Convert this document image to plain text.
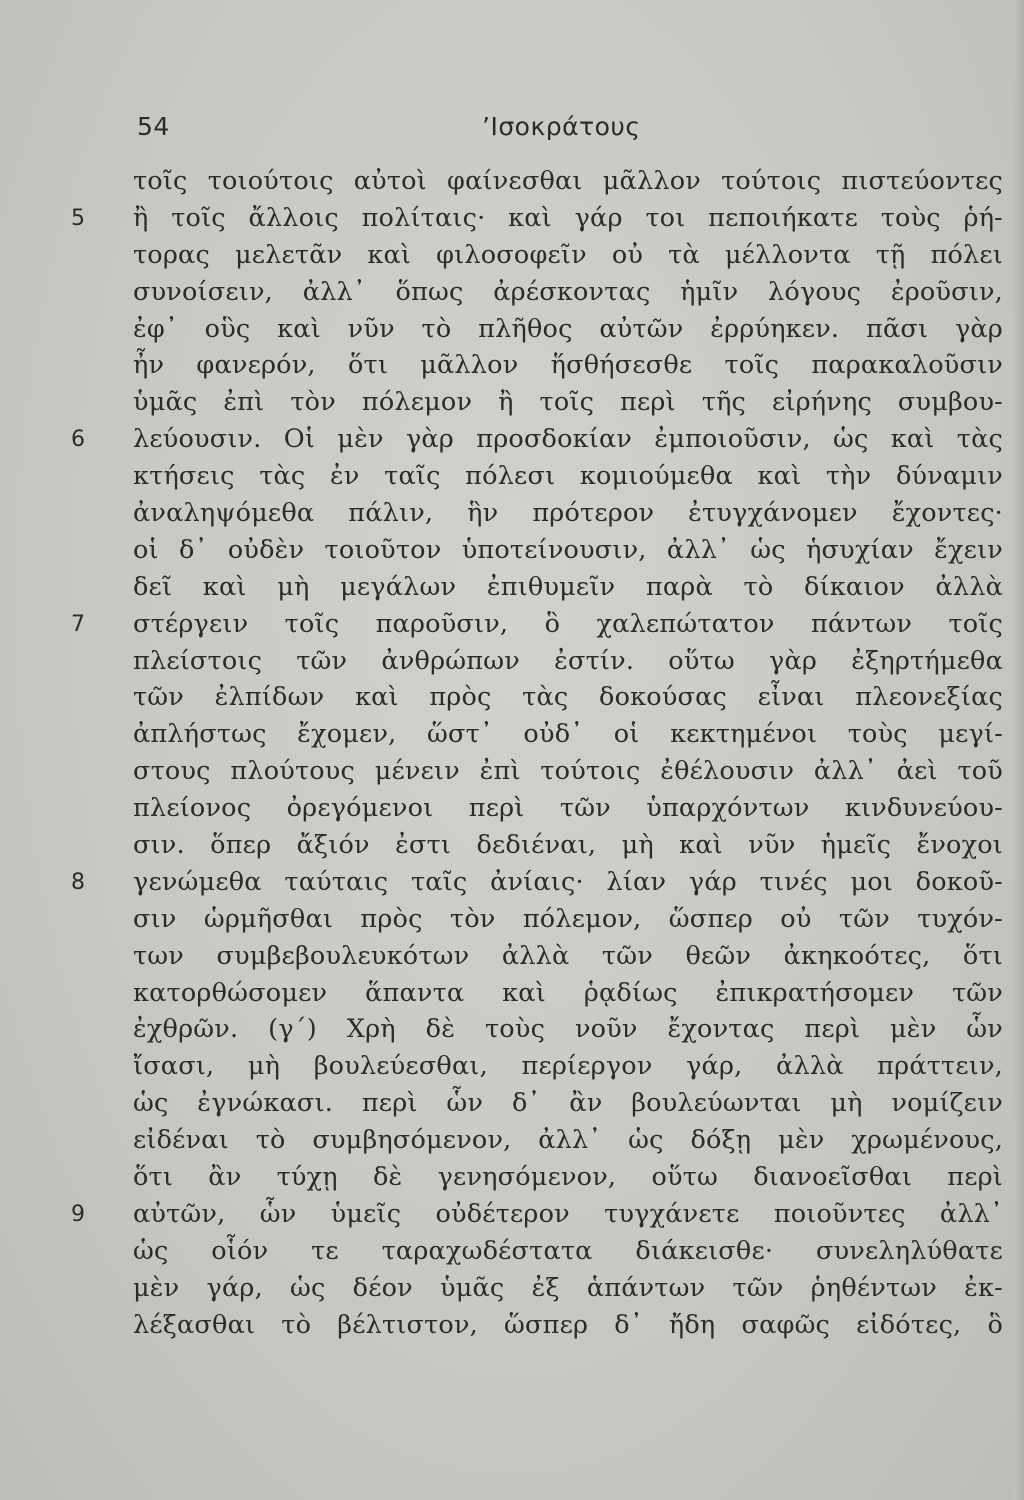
54	’Ισοκράτους
τοῖς τοιούτοις αὐτοὶ φαίνεσθαι μᾶλλον τούτοις πιστεύοντες
5 ἢ τοῖς ἄλλοις πολίταις· καὶ γάρ τοι πεποιήκατε τοὺς ῥή-
τορας μελετᾶν καὶ φιλοσοφεῖν οὐ τὰ μέλλοντα τῇ πόλει
συνοίσειν, ἀλλ᾽ ὅπως ἀρέσκοντας ἡμῖν λόγους ἐροῦσιν,
ἐφ᾽ οὓς καὶ νῦν τὸ πλῆθος αὐτῶν ἐρρύηκεν. πᾶσι γὰρ
ἦν φανερόν, ὅτι μᾶλλον ἥσθήσεσθε τοῖς παρακαλοῦσιν
ὑμᾶς ἐπὶ τὸν πόλεμον ἢ τοῖς περὶ τῆς εἰρήνης συμβου-
6 λεύουσιν. Οἱ μὲν γὰρ προσδοκίαν ἐμποιοῦσιν, ὡς καὶ τὰς
κτήσεις τὰς ἐν ταῖς πόλεσι κομιούμεθα καὶ τὴν δύναμιν
ἀναληψόμεθα πάλιν, ἣν πρότερον ἐτυγχάνομεν ἔχοντες·
οἱ δ᾽ οὐδὲν τοιοῦτον ὑποτείνουσιν, ἀλλ᾽ ὡς ἡσυχίαν ἔχειν
δεῖ καὶ μὴ μεγάλων ἐπιθυμεῖν παρὰ τὸ δίκαιον ἀλλὰ
7 στέργειν τοῖς παροῦσιν, ὃ χαλεπώτατον πάντων τοῖς
πλείστοις τῶν ἀνθρώπων ἐστίν. οὕτω γὰρ ἐξηρτήμεθα
τῶν ἐλπίδων καὶ πρὸς τὰς δοκούσας εἶναι πλεονεξίας
ἀπλήστως ἔχομεν, ὥστ᾽ οὐδ᾽ οἱ κεκτημένοι τοὺς μεγί-
στους πλούτους μένειν ἐπὶ τούτοις ἐθέλουσιν ἀλλ᾽ ἀεὶ τοῦ
πλείονος ὀρεγόμενοι περὶ τῶν ὑπαρχόντων κινδυνεύου-
σιν. ὅπερ ἄξιόν ἐστι δεδιέναι, μὴ καὶ νῦν ἡμεῖς ἔνοχοι
8 γενώμεθα ταύταις ταῖς ἀνίαις· λίαν γάρ τινές μοι δοκοῦ-
σιν ὡρμῆσθαι πρὸς τὸν πόλεμον, ὥσπερ οὐ τῶν τυχόν-
των συμβεβουλευκότων ἀλλὰ τῶν θεῶν ἀκηκοότες, ὅτι
κατορθώσομεν ἅπαντα καὶ ῥᾳδίως ἐπικρατήσομεν τῶν
ἐχθρῶν. (γ΄) Χρὴ δὲ τοὺς νοῦν ἔχοντας περὶ μὲν ὧν
ἴσασι, μὴ βουλεύεσθαι, περίεργον γάρ, ἀλλὰ πράττειν,
ὡς ἐγνώκασι. περὶ ὧν δ᾽ ἂν βουλεύωνται μὴ νομίζειν
εἰδέναι τὸ συμβησόμενον, ἀλλ᾽ ὡς δόξῃ μὲν χρωμένους,
ὅτι ἂν τύχῃ δὲ γενησόμενον, οὕτω διανοεῖσθαι περὶ
9 αὐτῶν, ὧν ὑμεῖς οὐδέτερον τυγχάνετε ποιοῦντες ἀλλ᾽
ὡς οἷόν τε ταραχωδέστατα διάκεισθε· συνεληλύθατε
μὲν γάρ, ὡς δέον ὑμᾶς ἐξ ἁπάντων τῶν ῥηθέντων ἐκ-
λέξασθαι τὸ βέλτιστον, ὥσπερ δ᾽ ἤδη σαφῶς εἰδότες, ὃ
